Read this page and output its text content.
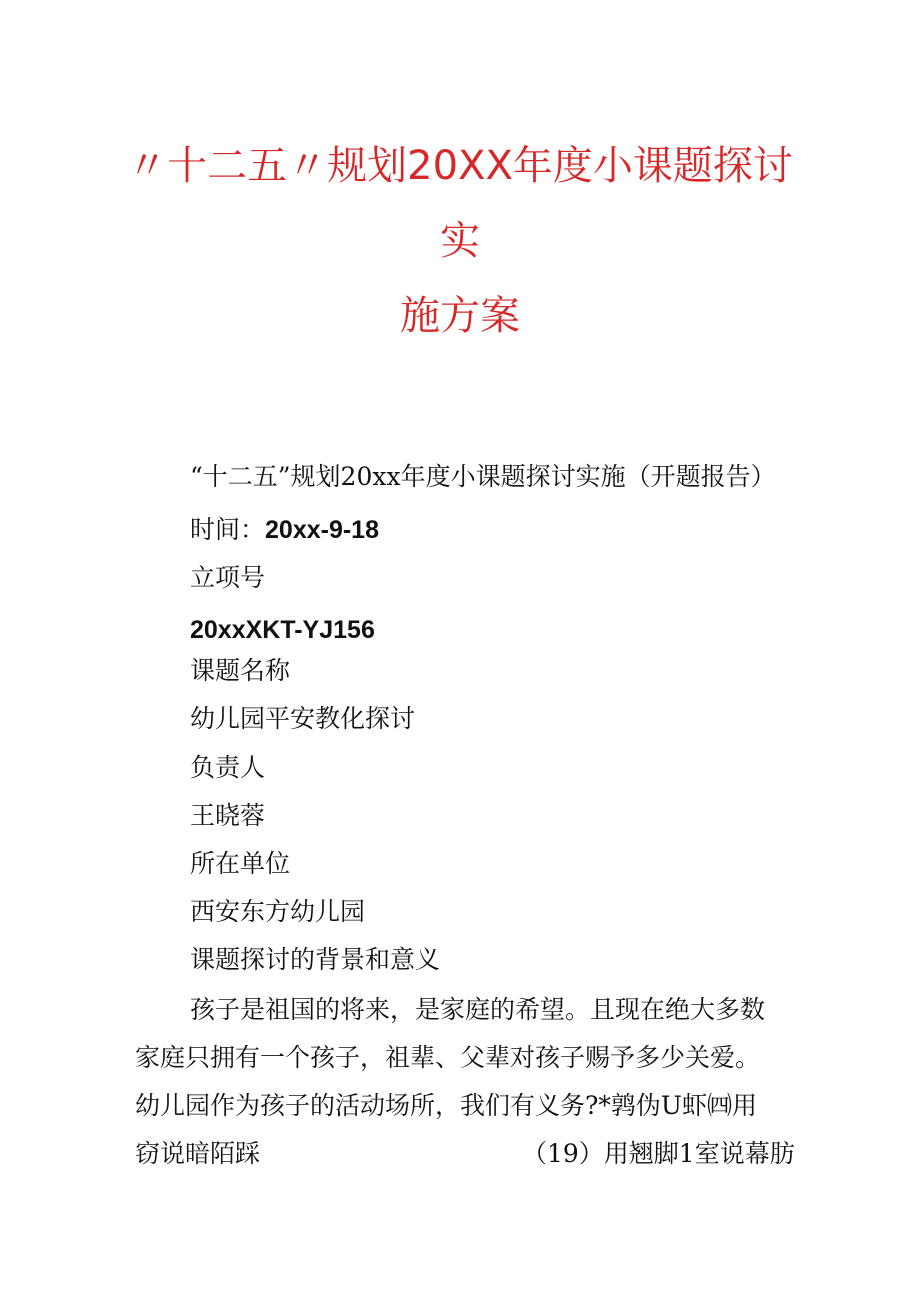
〃十二五〃规划20XX年度小课题探讨
实
施方案
“十二五”规划20xx年度小课题探讨实施（开题报告）
时间：20xx-9-18
立项号
20xxXKT-YJ156
课题名称
幼儿园平安教化探讨
负责人
王晓蓉
所在单位
西安东方幼儿园
课题探讨的背景和意义
孩子是祖国的将来，是家庭的希望。且现在绝大多数
家庭只拥有一个孩子，祖辈、父辈对孩子赐予多少关爱。
幼儿园作为孩子的活动场所，我们有义务?*鹑伪U虾㈣用
窃说暗陌踩	（19）用翘脚1室说幕肪
